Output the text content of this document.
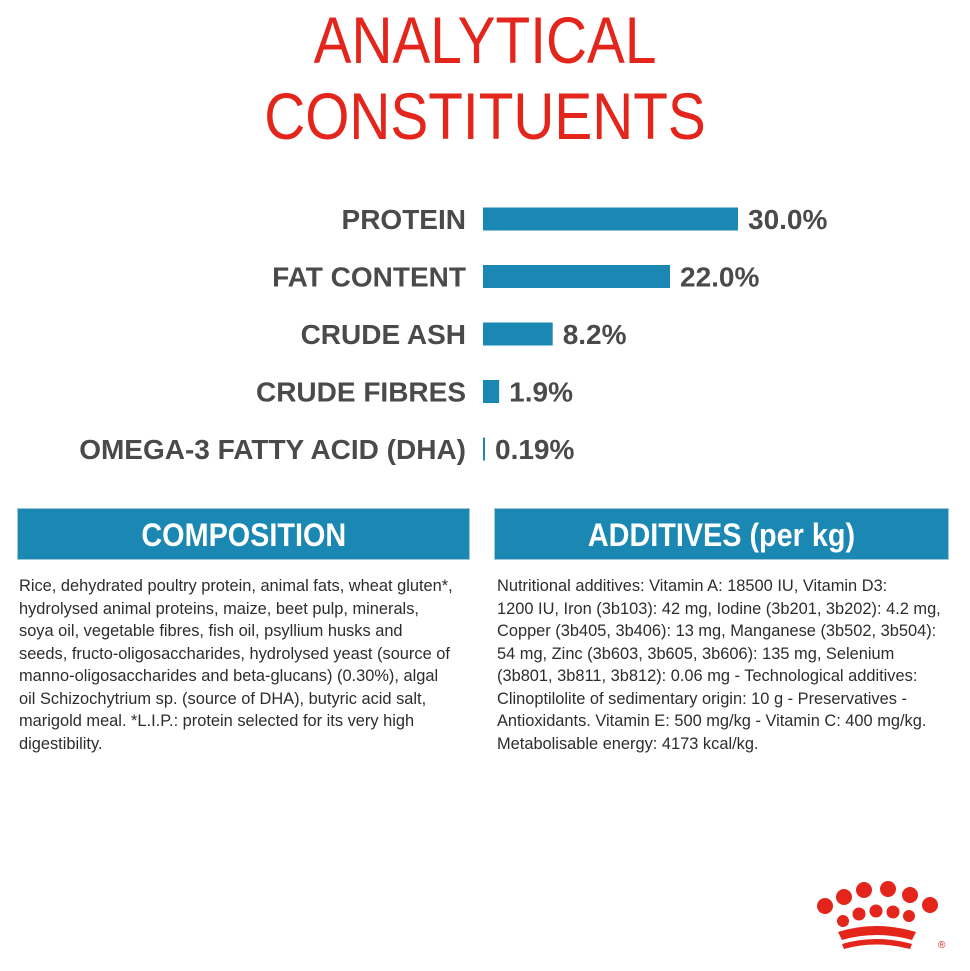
ANALYTICAL
CONSTITUENTS
PROTEIN	30.0%
FAT CONTENT	22.0%
CRUDE ASH	8.2%
CRUDE FIBRES 1.9%
OMEGA-3 FATTY ACID (DHA) 0.19%
COMPOSITION	ADDITIVES (per kg)
Rice, dehydrated poultry protein, animal fats, wheat gluten*,
hydrolysed animal proteins, maize, beet pulp, minerals,
soya oil, vegetable fibres, fish oil, psyllium husks and
seeds, fructo-oligosaccharides, hydrolysed yeast (source of
manno-oligosaccharides and beta-glucans) (0.30%), algal
oil Schizochytrium sp. (source of DHA), butyric acid salt,
marigold meal. *L.I.P.: protein selected for its very high
digestibility.
Nutritional additives: Vitamin A: 18500 IU, Vitamin D3:
1200 IU, Iron (3b103): 42 mg, Iodine (3b201, 3b202): 4.2 mg,
Copper (3b405, 3b406): 13 mg, Manganese (3b502, 3b504):
54 mg, Zinc (3b603, 3b605, 3b606): 135 mg, Selenium
(3b801, 3b811, 3b812): 0.06 mg - Technological additives:
Clinoptilolite of sedimentary origin: 10 g - Preservatives -
Antioxidants. Vitamin E: 500 mg/kg - Vitamin C: 400 mg/kg.
Metabolisable energy: 4173 kcal/kg.
®
